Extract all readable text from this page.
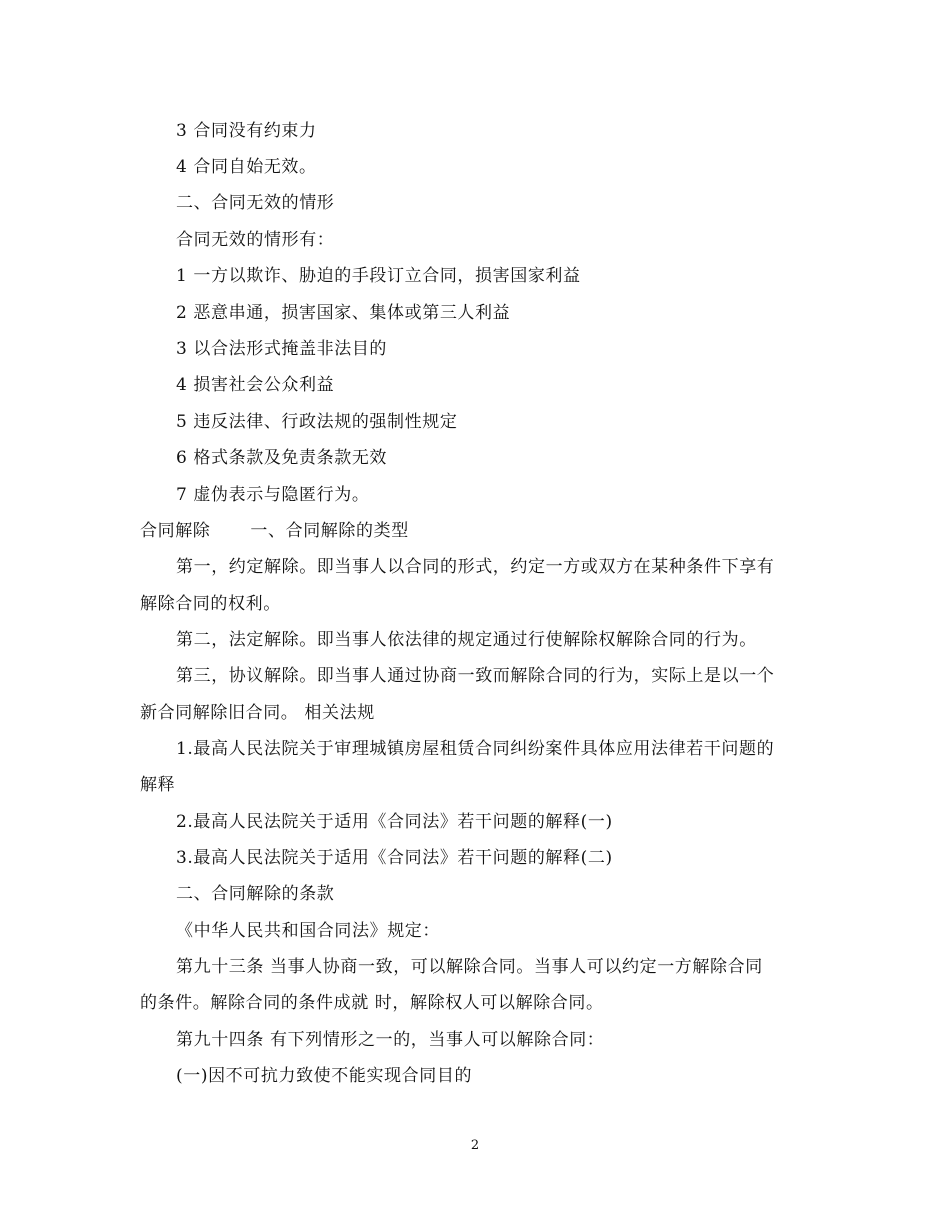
3 合同没有约束力
4 合同自始无效。
二、合同无效的情形
合同无效的情形有：
1 一方以欺诈、胁迫的手段订立合同，损害国家利益
2 恶意串通，损害国家、集体或第三人利益
3 以合法形式掩盖非法目的
4 损害社会公众利益
5 违反法律、行政法规的强制性规定
6 格式条款及免责条款无效
7 虚伪表示与隐匿行为。
合同解除 一、合同解除的类型
第一，约定解除。即当事人以合同的形式，约定一方或双方在某种条件下享有
解除合同的权利。
第二，法定解除。即当事人依法律的规定通过行使解除权解除合同的行为。
第三，协议解除。即当事人通过协商一致而解除合同的行为，实际上是以一个
新合同解除旧合同。 相关法规
1.最高人民法院关于审理城镇房屋租赁合同纠纷案件具体应用法律若干问题的
解释
2.最高人民法院关于适用《合同法》若干问题的解释(一)
3.最高人民法院关于适用《合同法》若干问题的解释(二)
二、合同解除的条款
《中华人民共和国合同法》规定：
第九十三条 当事人协商一致，可以解除合同。当事人可以约定一方解除合同
的条件。解除合同的条件成就 时，解除权人可以解除合同。
第九十四条 有下列情形之一的，当事人可以解除合同：
(一)因不可抗力致使不能实现合同目的
2
